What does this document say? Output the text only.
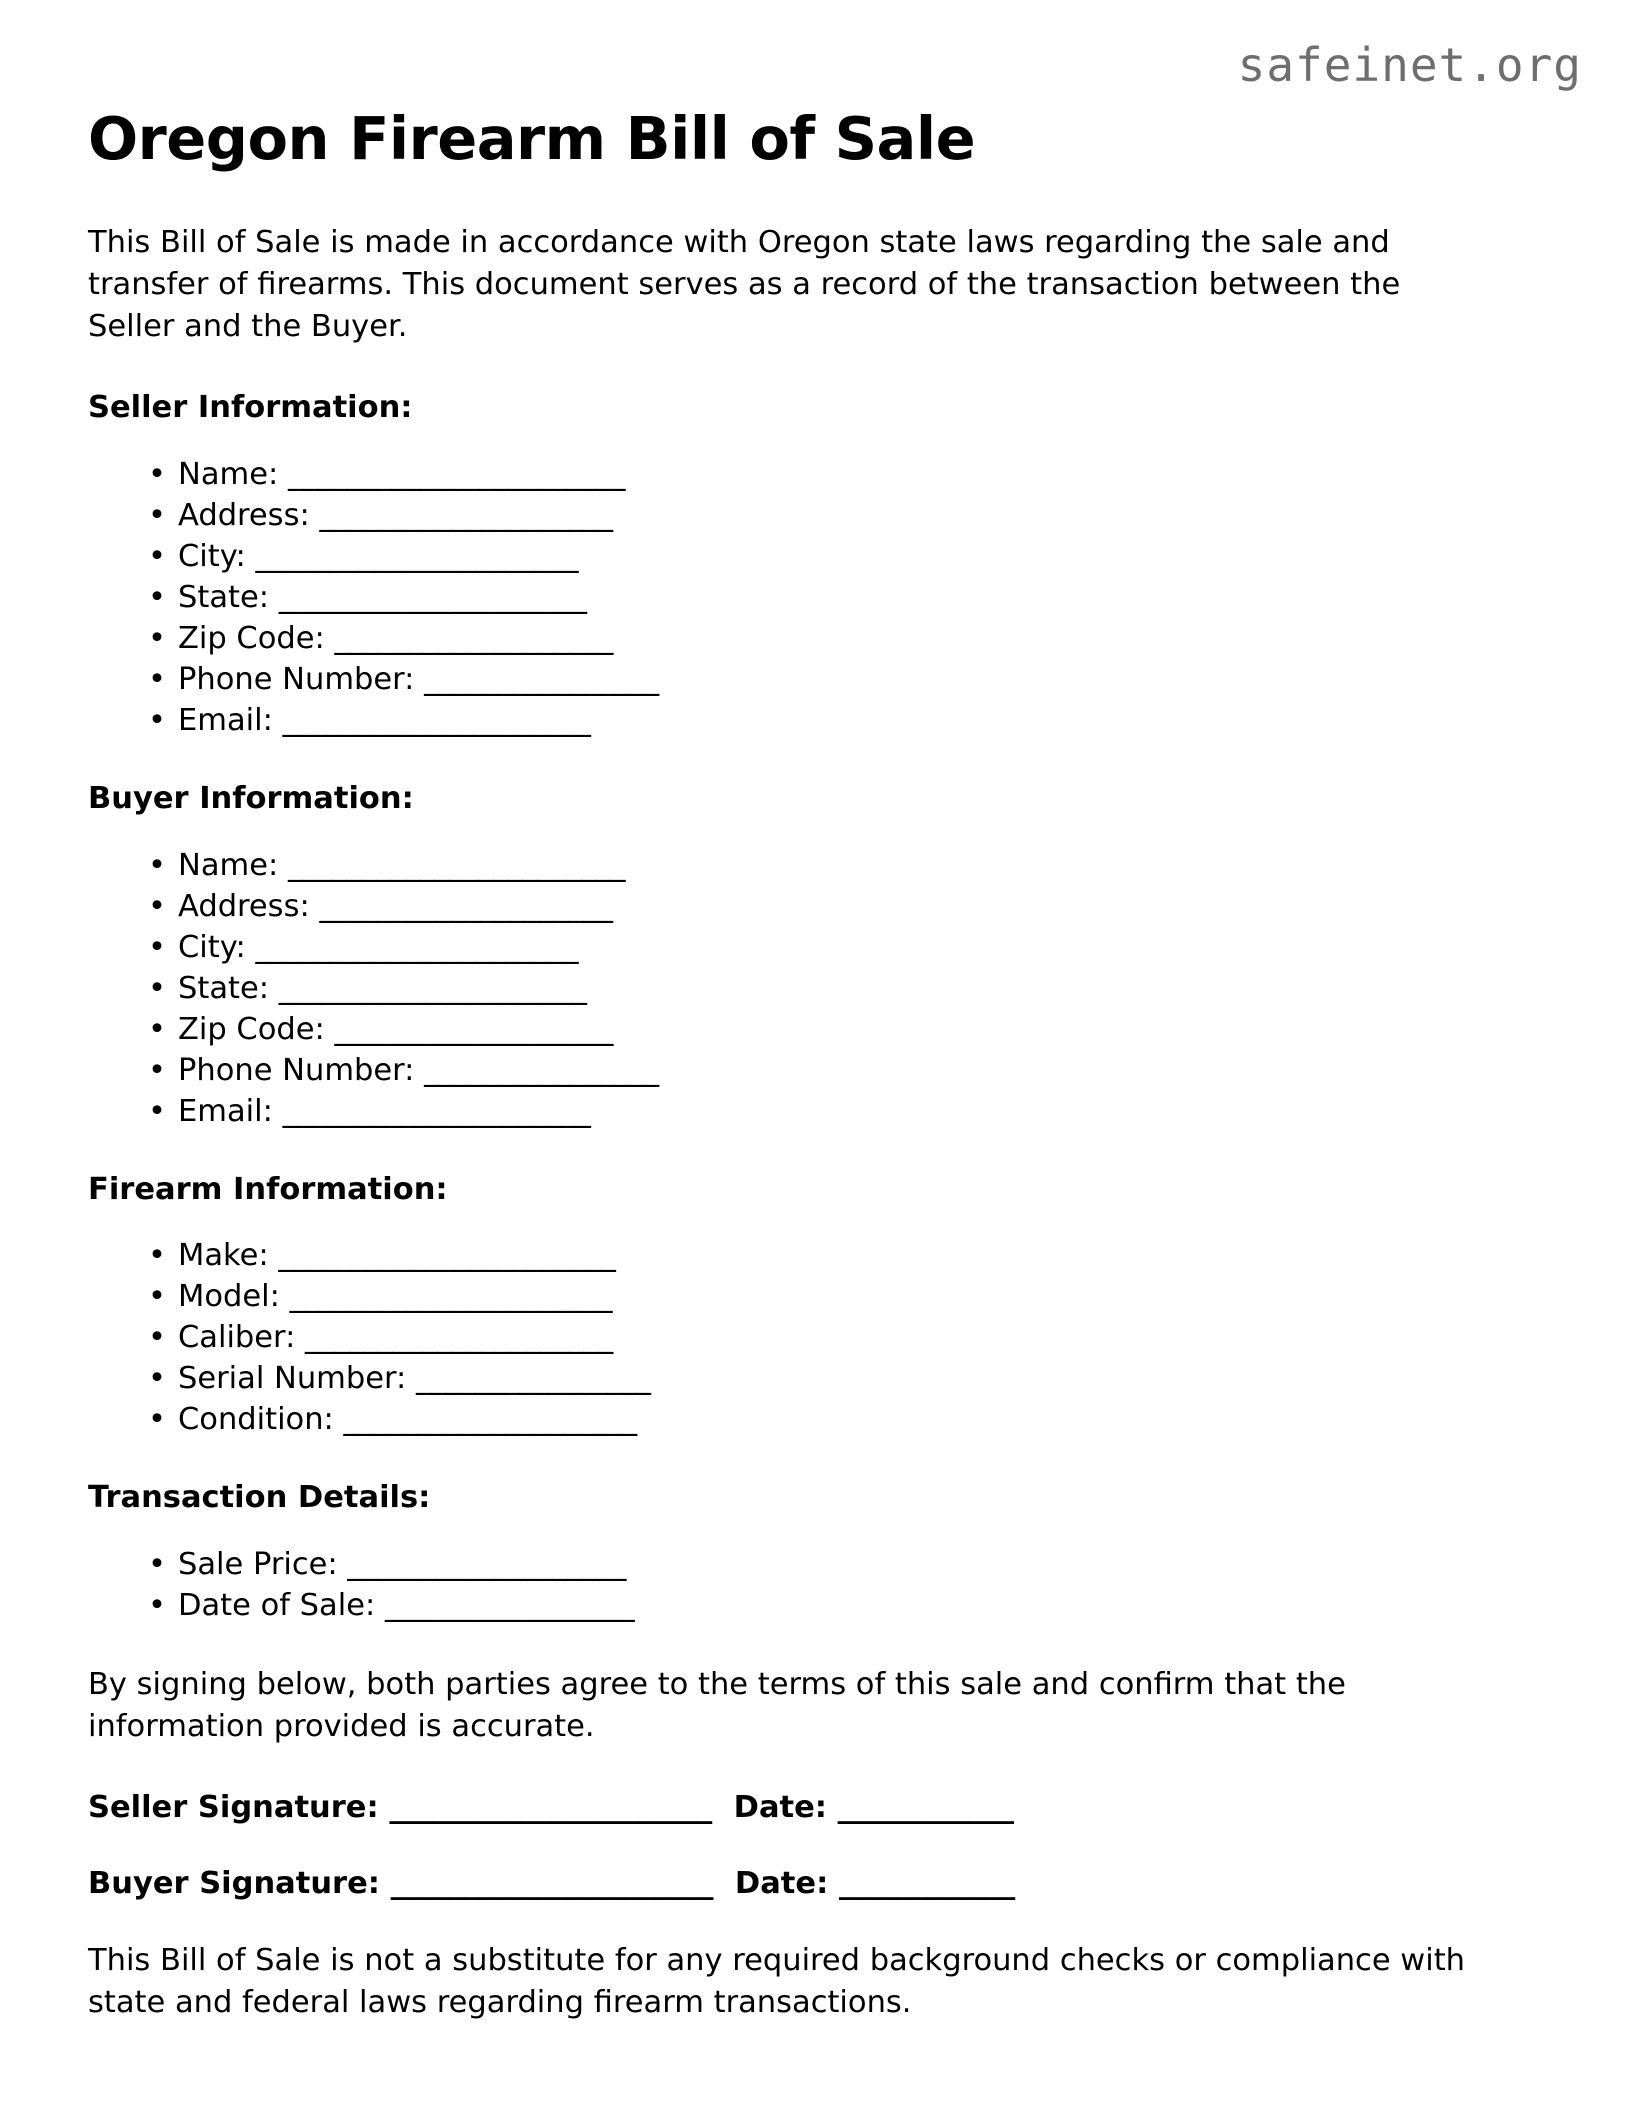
safeinet.org
Oregon Firearm Bill of Sale

This Bill of Sale is made in accordance with Oregon state laws regarding the sale and transfer of firearms. This document serves as a record of the transaction between the Seller and the Buyer.

Seller Information:
• Name: _______________________
• Address: ____________________
• City: ______________________
• State: _____________________
• Zip Code: ___________________
• Phone Number: ________________
• Email: _____________________
Buyer Information:
• Name: _______________________
• Address: ____________________
• City: ______________________
• State: _____________________
• Zip Code: ___________________
• Phone Number: ________________
• Email: _____________________
Firearm Information:
• Make: _______________________
• Model: ______________________
• Caliber: _____________________
• Serial Number: ________________
• Condition: ____________________
Transaction Details:
• Sale Price: ___________________
• Date of Sale: _________________

By signing below, both parties agree to the terms of this sale and confirm that the information provided is accurate.

Seller Signature: ______________________ Date: ____________
Buyer Signature: ______________________ Date: ____________

This Bill of Sale is not a substitute for any required background checks or compliance with state and federal laws regarding firearm transactions.
